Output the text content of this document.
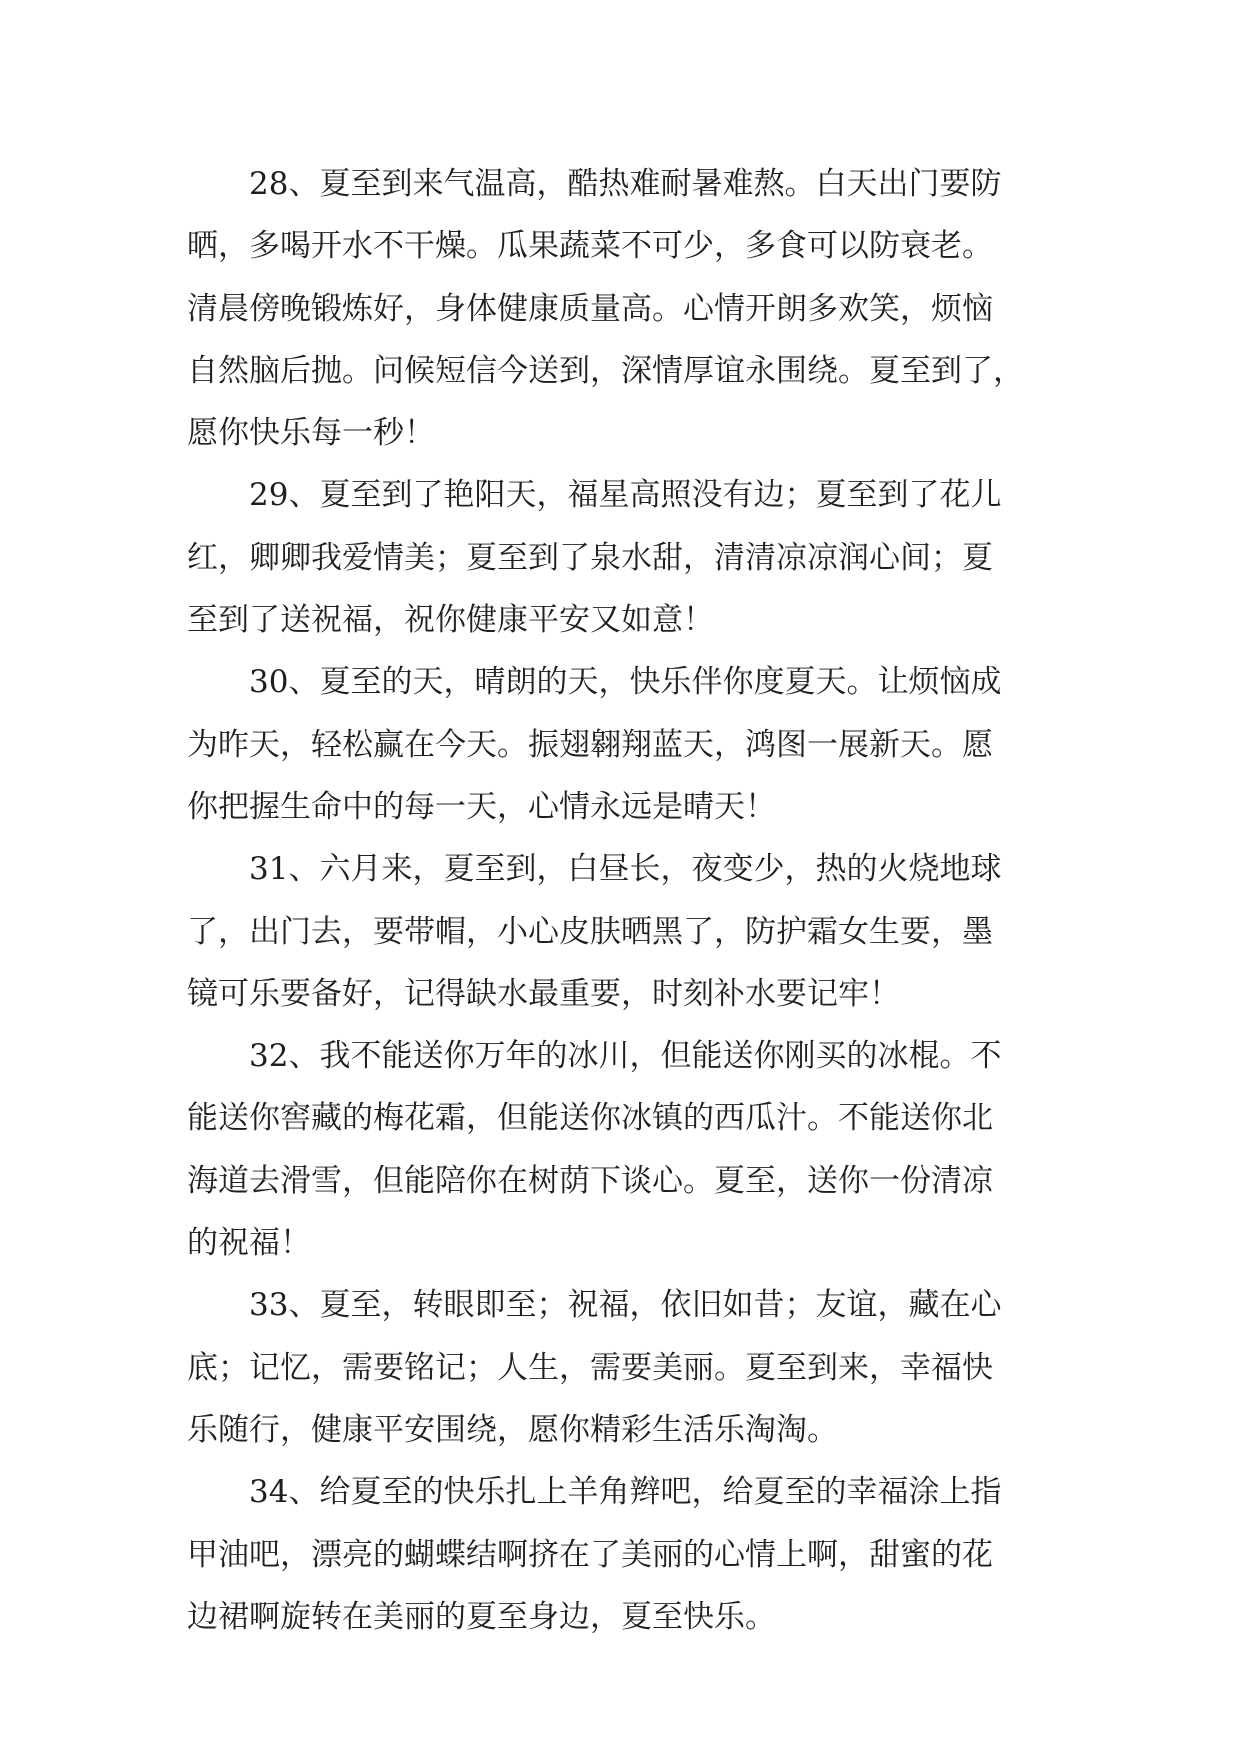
28、夏至到来气温高，酷热难耐暑难熬。白天出门要防
晒，多喝开水不干燥。瓜果蔬菜不可少，多食可以防衰老。
清晨傍晚锻炼好，身体健康质量高。心情开朗多欢笑，烦恼
自然脑后抛。问候短信今送到，深情厚谊永围绕。夏至到了，
愿你快乐每一秒！
29、夏至到了艳阳天，福星高照没有边；夏至到了花儿
红，卿卿我爱情美；夏至到了泉水甜，清清凉凉润心间；夏
至到了送祝福，祝你健康平安又如意！
30、夏至的天，晴朗的天，快乐伴你度夏天。让烦恼成
为昨天，轻松赢在今天。振翅翱翔蓝天，鸿图一展新天。愿
你把握生命中的每一天，心情永远是晴天！
31、六月来，夏至到，白昼长，夜变少，热的火烧地球
了，出门去，要带帽，小心皮肤晒黑了，防护霜女生要，墨
镜可乐要备好，记得缺水最重要，时刻补水要记牢！
32、我不能送你万年的冰川，但能送你刚买的冰棍。不
能送你窖藏的梅花霜，但能送你冰镇的西瓜汁。不能送你北
海道去滑雪，但能陪你在树荫下谈心。夏至，送你一份清凉
的祝福！
33、夏至，转眼即至；祝福，依旧如昔；友谊，藏在心
底；记忆，需要铭记；人生，需要美丽。夏至到来，幸福快
乐随行，健康平安围绕，愿你精彩生活乐淘淘。
34、给夏至的快乐扎上羊角辫吧，给夏至的幸福涂上指
甲油吧，漂亮的蝴蝶结啊挤在了美丽的心情上啊，甜蜜的花
边裙啊旋转在美丽的夏至身边，夏至快乐。
